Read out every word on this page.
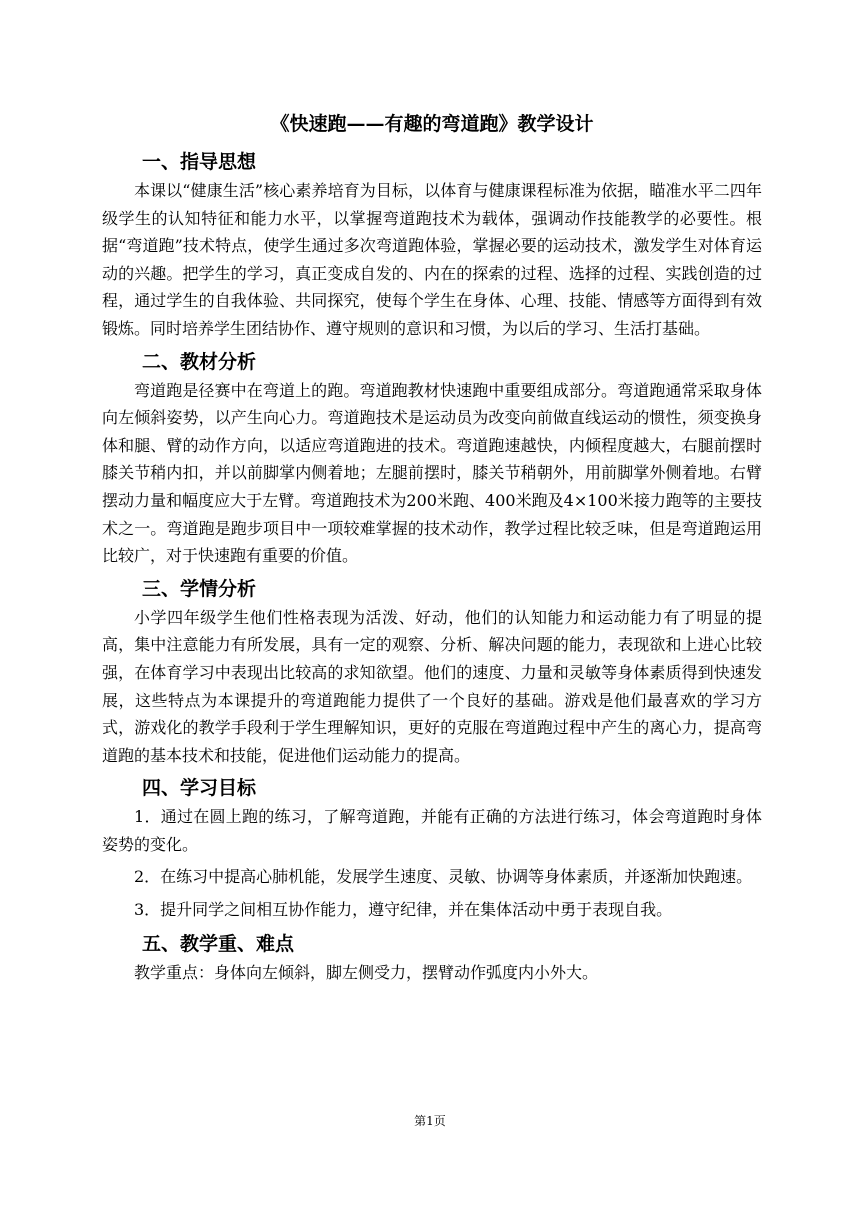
《快速跑——有趣的弯道跑》教学设计
一、指导思想

本课以“健康生活”核心素养培育为目标，以体育与健康课程标准为依据，瞄准水平二四年级学生的认知特征和能力水平，以掌握弯道跑技术为载体，强调动作技能教学的必要性。根据“弯道跑”技术特点，使学生通过多次弯道跑体验，掌握必要的运动技术，激发学生对体育运动的兴趣。把学生的学习，真正变成自发的、内在的探索的过程、选择的过程、实践创造的过程，通过学生的自我体验、共同探究，使每个学生在身体、心理、技能、情感等方面得到有效锻炼。同时培养学生团结协作、遵守规则的意识和习惯，为以后的学习、生活打基础。

二、教材分析

弯道跑是径赛中在弯道上的跑。弯道跑教材快速跑中重要组成部分。弯道跑通常采取身体向左倾斜姿势，以产生向心力。弯道跑技术是运动员为改变向前做直线运动的惯性，须变换身体和腿、臂的动作方向，以适应弯道跑进的技术。弯道跑速越快，内倾程度越大，右腿前摆时膝关节稍内扣，并以前脚掌内侧着地；左腿前摆时，膝关节稍朝外，用前脚掌外侧着地。右臂摆动力量和幅度应大于左臂。弯道跑技术为200米跑、400米跑及4×100米接力跑等的主要技术之一。弯道跑是跑步项目中一项较难掌握的技术动作，教学过程比较乏味，但是弯道跑运用比较广，对于快速跑有重要的价值。

三、学情分析

小学四年级学生他们性格表现为活泼、好动，他们的认知能力和运动能力有了明显的提高，集中注意能力有所发展，具有一定的观察、分析、解决问题的能力，表现欲和上进心比较强，在体育学习中表现出比较高的求知欲望。他们的速度、力量和灵敏等身体素质得到快速发展，这些特点为本课提升的弯道跑能力提供了一个良好的基础。游戏是他们最喜欢的学习方式，游戏化的教学手段利于学生理解知识，更好的克服在弯道跑过程中产生的离心力，提高弯道跑的基本技术和技能，促进他们运动能力的提高。

四、学习目标

1．通过在圆上跑的练习，了解弯道跑，并能有正确的方法进行练习，体会弯道跑时身体姿势的变化。

2．在练习中提高心肺机能，发展学生速度、灵敏、协调等身体素质，并逐渐加快跑速。

3．提升同学之间相互协作能力，遵守纪律，并在集体活动中勇于表现自我。

五、教学重、难点

教学重点：身体向左倾斜，脚左侧受力，摆臂动作弧度内小外大。

第1页
